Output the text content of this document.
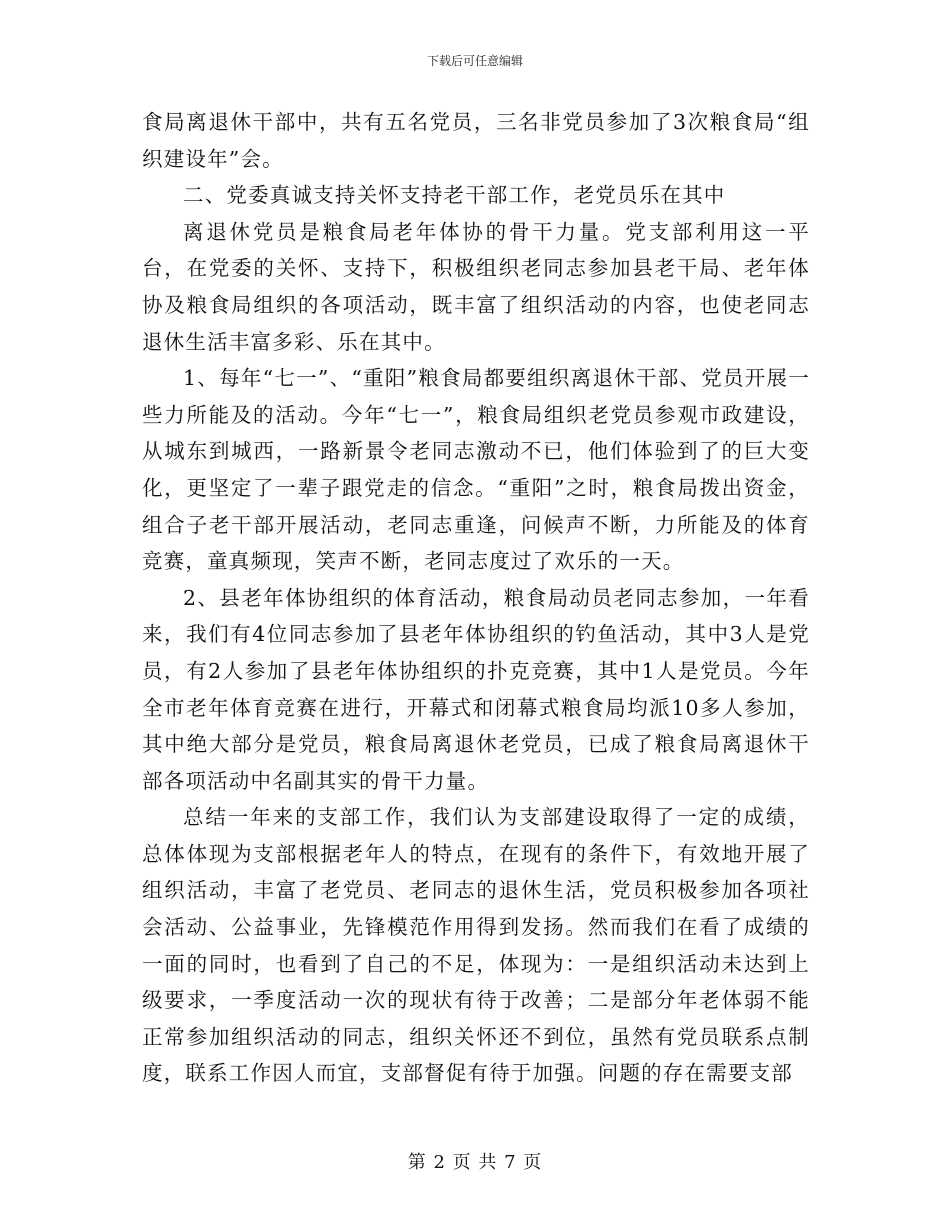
下载后可任意编辑

食局离退休干部中，共有五名党员，三名非党员参加了3次粮食局“组织建设年”会。

二、党委真诚支持关怀支持老干部工作，老党员乐在其中

离退休党员是粮食局老年体协的骨干力量。党支部利用这一平台，在党委的关怀、支持下，积极组织老同志参加县老干局、老年体协及粮食局组织的各项活动，既丰富了组织活动的内容，也使老同志退休生活丰富多彩、乐在其中。

1、每年“七一”、“重阳”粮食局都要组织离退休干部、党员开展一些力所能及的活动。今年“七一”，粮食局组织老党员参观市政建设，从城东到城西，一路新景令老同志激动不已，他们体验到了的巨大变化，更坚定了一辈子跟党走的信念。“重阳”之时，粮食局拨出资金，组合子老干部开展活动，老同志重逢，问候声不断，力所能及的体育竞赛，童真频现，笑声不断，老同志度过了欢乐的一天。

2、县老年体协组织的体育活动，粮食局动员老同志参加，一年看来，我们有4位同志参加了县老年体协组织的钓鱼活动，其中3人是党员，有2人参加了县老年体协组织的扑克竞赛，其中1人是党员。今年全市老年体育竞赛在进行，开幕式和闭幕式粮食局均派10多人参加，其中绝大部分是党员，粮食局离退休老党员，已成了粮食局离退休干部各项活动中名副其实的骨干力量。

总结一年来的支部工作，我们认为支部建设取得了一定的成绩，总体体现为支部根据老年人的特点，在现有的条件下，有效地开展了组织活动，丰富了老党员、老同志的退休生活，党员积极参加各项社会活动、公益事业，先锋模范作用得到发扬。然而我们在看了成绩的一面的同时，也看到了自己的不足，体现为：一是组织活动未达到上级要求，一季度活动一次的现状有待于改善；二是部分年老体弱不能正常参加组织活动的同志，组织关怀还不到位，虽然有党员联系点制度，联系工作因人而宜，支部督促有待于加强。问题的存在需要支部

第 2 页 共 7 页
